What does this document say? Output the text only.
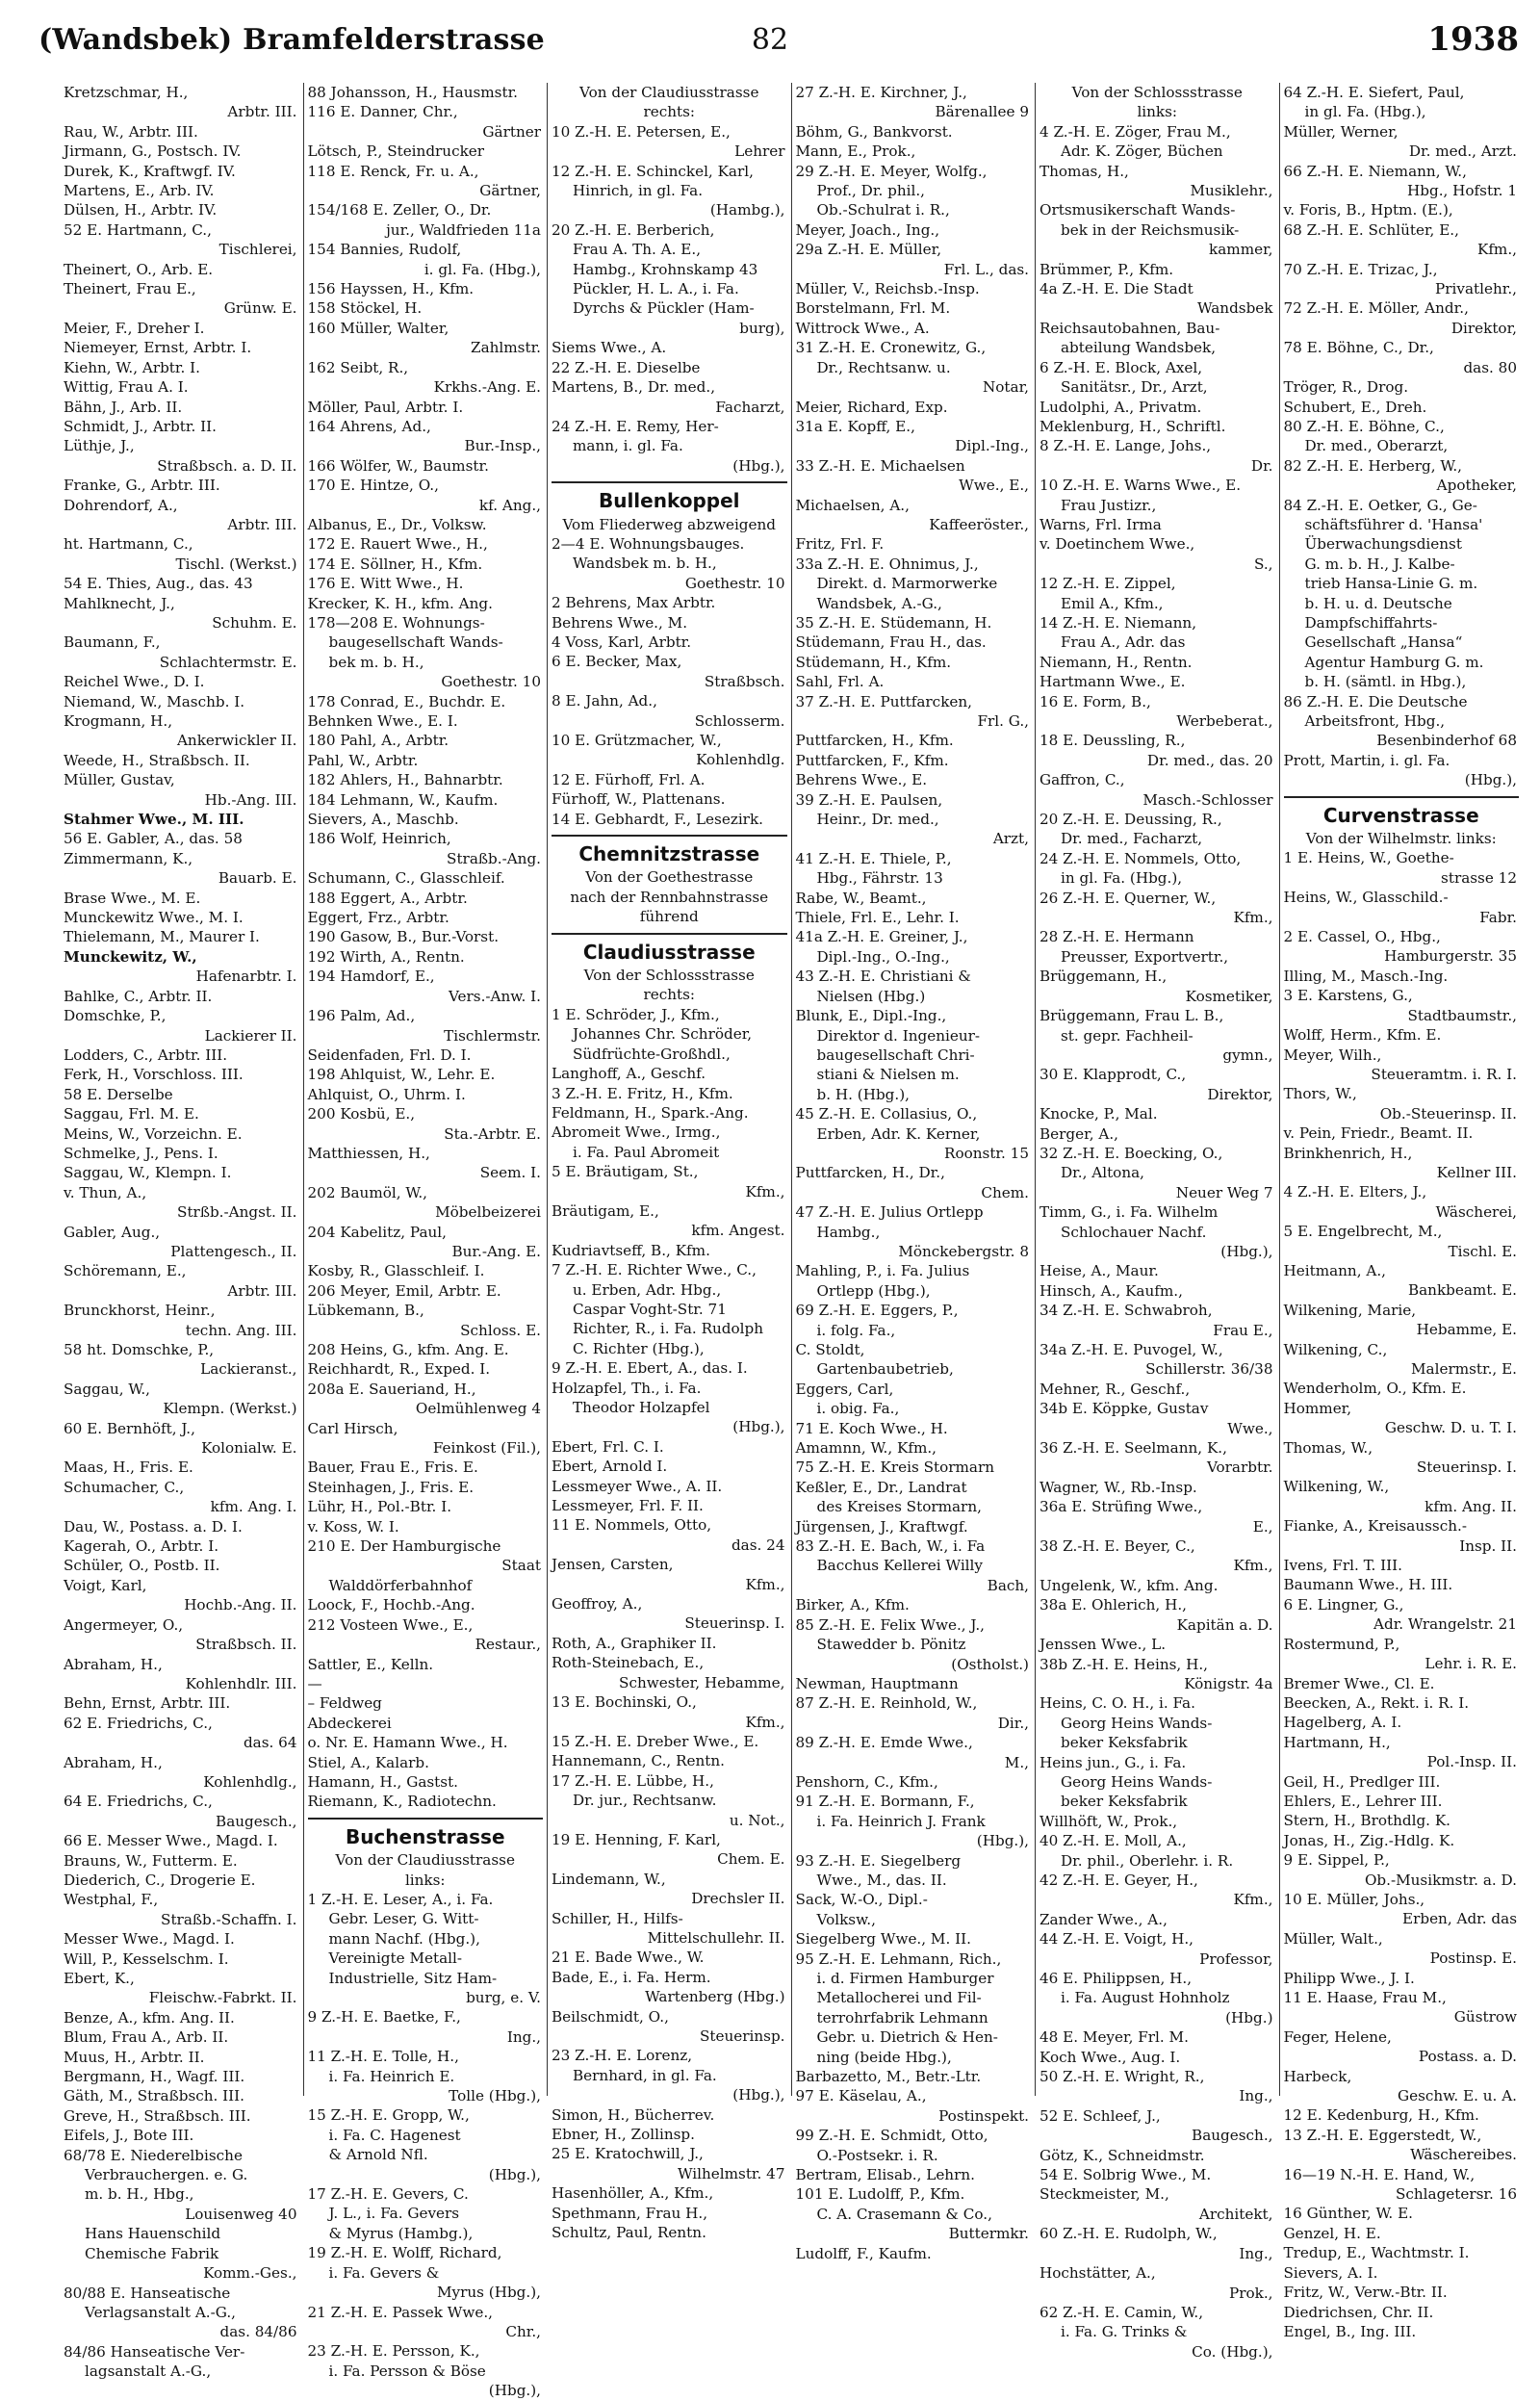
(Wandsbek) Bramfelderstrasse	82	1938
Kretzschmar, H.,
Arbtr. III.
Rau, W., Arbtr. III.
Jirmann, G., Postsch. IV.
Durek, K., Kraftwgf. IV.
Martens, E., Arb. IV.
Dülsen, H., Arbtr. IV.
52 E. Hartmann, C.,
Tischlerei,
Theinert, O., Arb. E.
Theinert, Frau E.,
Grünw. E.
Meier, F., Dreher I.
Niemeyer, Ernst, Arbtr. I.
Kiehn, W., Arbtr. I.
Wittig, Frau A. I.
Bähn, J., Arb. II.
Schmidt, J., Arbtr. II.
Lüthje, J.,
Straßbsch. a. D. II.
Franke, G., Arbtr. III.
Dohrendorf, A.,
Arbtr. III.
ht. Hartmann, C.,
Tischl. (Werkst.)
54 E. Thies, Aug., das. 43
Mahlknecht, J.,
Schuhm. E.
Baumann, F.,
Schlachtermstr. E.
Reichel Wwe., D. I.
Niemand, W., Maschb. I.
Krogmann, H.,
Ankerwickler II.
Weede, H., Straßbsch. II.
Müller, Gustav,
Hb.-Ang. III.
Stahmer Wwe., M. III.
56 E. Gabler, A., das. 58
Zimmermann, K.,
Bauarb. E.
Brase Wwe., M. E.
Munckewitz Wwe., M. I.
Thielemann, M., Maurer I.
Munckewitz, W.,
Hafenarbtr. I.
Bahlke, C., Arbtr. II.
Domschke, P.,
Lackierer II.
Lodders, C., Arbtr. III.
Ferk, H., Vorschloss. III.
58 E. Derselbe
Saggau, Frl. M. E.
Meins, W., Vorzeichn. E.
Schmelke, J., Pens. I.
Saggau, W., Klempn. I.
v. Thun, A.,
Strßb.-Angst. II.
Gabler, Aug.,
Plattengesch., II.
Schöremann, E.,
Arbtr. III.
Brunckhorst, Heinr.,
techn. Ang. III.
58 ht. Domschke, P.,
Lackieranst.,
Saggau, W.,
Klempn. (Werkst.)
60 E. Bernhöft, J.,
Kolonialw. E.
Maas, H., Fris. E.
Schumacher, C.,
kfm. Ang. I.
Dau, W., Postass. a. D. I.
Kagerah, O., Arbtr. I.
Schüler, O., Postb. II.
Voigt, Karl,
Hochb.-Ang. II.
Angermeyer, O.,
Straßbsch. II.
Abraham, H.,
Kohlenhdlr. III.
Behn, Ernst, Arbtr. III.
62 E. Friedrichs, C.,
das. 64
Abraham, H.,
Kohlenhdlg.,
64 E. Friedrichs, C.,
Baugesch.,
66 E. Messer Wwe., Magd. I.
Brauns, W., Futterm. E.
Diederich, C., Drogerie E.
Westphal, F.,
Straßb.-Schaffn. I.
Messer Wwe., Magd. I.
Will, P., Kesselschm. I.
Ebert, K.,
Fleischw.-Fabrkt. II.
Benze, A., kfm. Ang. II.
Blum, Frau A., Arb. II.
Muus, H., Arbtr. II.
Bergmann, H., Wagf. III.
Gäth, M., Straßbsch. III.
Greve, H., Straßbsch. III.
Eifels, J., Bote III.
68/78 E. Niederelbische
Verbrauchergen. e. G.
m. b. H., Hbg.,
Louisenweg 40
Hans Hauenschild
Chemische Fabrik
Komm.-Ges.,
80/88 E. Hanseatische
Verlagsanstalt A.-G.,
das. 84/86
84/86 Hanseatische Ver-
lagsanstalt A.-G.,
88 Johansson, H., Hausmstr.
116 E. Danner, Chr.,
Gärtner
Lötsch, P., Steindrucker
118 E. Renck, Fr. u. A.,
Gärtner,
154/168 E. Zeller, O., Dr.
jur., Waldfrieden 11a
154 Bannies, Rudolf,
i. gl. Fa. (Hbg.),
156 Hayssen, H., Kfm.
158 Stöckel, H.
160 Müller, Walter,
Zahlmstr.
162 Seibt, R.,
Krkhs.-Ang. E.
Möller, Paul, Arbtr. I.
164 Ahrens, Ad.,
Bur.-Insp.,
166 Wölfer, W., Baumstr.
170 E. Hintze, O.,
kf. Ang.,
Albanus, E., Dr., Volksw.
172 E. Rauert Wwe., H.,
174 E. Söllner, H., Kfm.
176 E. Witt Wwe., H.
Krecker, K. H., kfm. Ang.
178—208 E. Wohnungs-
baugesellschaft Wands-
bek m. b. H.,
Goethestr. 10
178 Conrad, E., Buchdr. E.
Behnken Wwe., E. I.
180 Pahl, A., Arbtr.
Pahl, W., Arbtr.
182 Ahlers, H., Bahnarbtr.
184 Lehmann, W., Kaufm.
Sievers, A., Maschb.
186 Wolf, Heinrich,
Straßb.-Ang.
Schumann, C., Glasschleif.
188 Eggert, A., Arbtr.
Eggert, Frz., Arbtr.
190 Gasow, B., Bur.-Vorst.
192 Wirth, A., Rentn.
194 Hamdorf, E.,
Vers.-Anw. I.
196 Palm, Ad.,
Tischlermstr.
Seidenfaden, Frl. D. I.
198 Ahlquist, W., Lehr. E.
Ahlquist, O., Uhrm. I.
200 Kosbü, E.,
Sta.-Arbtr. E.
Matthiessen, H.,
Seem. I.
202 Baumöl, W.,
Möbelbeizerei
204 Kabelitz, Paul,
Bur.-Ang. E.
Kosby, R., Glasschleif. I.
206 Meyer, Emil, Arbtr. E.
Lübkemann, B.,
Schloss. E.
208 Heins, G., kfm. Ang. E.
Reichhardt, R., Exped. I.
208a E. Saueriand, H.,
Oelmühlenweg 4
Carl Hirsch,
Feinkost (Fil.),
Bauer, Frau E., Fris. E.
Steinhagen, J., Fris. E.
Lühr, H., Pol.-Btr. I.
v. Koss, W. I.
210 E. Der Hamburgische
Staat
Walddörferbahnhof
Loock, F., Hochb.-Ang.
212 Vosteen Wwe., E.,
Restaur.,
Sattler, E., Kelln.
—
– Feldweg
Abdeckerei
o. Nr. E. Hamann Wwe., H.
Stiel, A., Kalarb.
Hamann, H., Gastst.
Riemann, K., Radiotechn.
Buchenstrasse
Von der Claudiusstrasse
links:
1 Z.-H. E. Leser, A., i. Fa.
Gebr. Leser, G. Witt-
mann Nachf. (Hbg.),
Vereinigte Metall-
Industrielle, Sitz Ham-
burg, e. V.
9 Z.-H. E. Baetke, F.,
Ing.,
11 Z.-H. E. Tolle, H.,
i. Fa. Heinrich E.
Tolle (Hbg.),
15 Z.-H. E. Gropp, W.,
i. Fa. C. Hagenest
& Arnold Nfl.
(Hbg.),
17 Z.-H. E. Gevers, C.
J. L., i. Fa. Gevers
& Myrus (Hambg.),
19 Z.-H. E. Wolff, Richard,
i. Fa. Gevers &
Myrus (Hbg.),
21 Z.-H. E. Passek Wwe.,
Chr.,
23 Z.-H. E. Persson, K.,
i. Fa. Persson & Böse
(Hbg.),
Von der Claudiusstrasse
rechts:
10 Z.-H. E. Petersen, E.,
Lehrer
12 Z.-H. E. Schinckel, Karl,
Hinrich, in gl. Fa.
(Hambg.),
20 Z.-H. E. Berberich,
Frau A. Th. A. E.,
Hambg., Krohnskamp 43
Pückler, H. L. A., i. Fa.
Dyrchs & Pückler (Ham-
burg),
Siems Wwe., A.
22 Z.-H. E. Dieselbe
Martens, B., Dr. med.,
Facharzt,
24 Z.-H. E. Remy, Her-
mann, i. gl. Fa.
(Hbg.),
Bullenkoppel
Vom Fliederweg abzweigend
2—4 E. Wohnungsbauges.
Wandsbek m. b. H.,
Goethestr. 10
2 Behrens, Max Arbtr.
Behrens Wwe., M.
4 Voss, Karl, Arbtr.
6 E. Becker, Max,
Straßbsch.
8 E. Jahn, Ad.,
Schlosserm.
10 E. Grützmacher, W.,
Kohlenhdlg.
12 E. Fürhoff, Frl. A.
Fürhoff, W., Plattenans.
14 E. Gebhardt, F., Lesezirk.
Chemnitzstrasse
Von der Goethestrasse
nach der Rennbahnstrasse
führend
Claudiusstrasse
Von der Schlossstrasse
rechts:
1 E. Schröder, J., Kfm.,
Johannes Chr. Schröder,
Südfrüchte-Großhdl.,
Langhoff, A., Geschf.
3 Z.-H. E. Fritz, H., Kfm.
Feldmann, H., Spark.-Ang.
Abromeit Wwe., Irmg.,
i. Fa. Paul Abromeit
5 E. Bräutigam, St.,
Kfm.,
Bräutigam, E.,
kfm. Angest.
Kudriavtseff, B., Kfm.
7 Z.-H. E. Richter Wwe., C.,
u. Erben, Adr. Hbg.,
Caspar Voght-Str. 71
Richter, R., i. Fa. Rudolph
C. Richter (Hbg.),
9 Z.-H. E. Ebert, A., das. I.
Holzapfel, Th., i. Fa.
Theodor Holzapfel
(Hbg.),
Ebert, Frl. C. I.
Ebert, Arnold I.
Lessmeyer Wwe., A. II.
Lessmeyer, Frl. F. II.
11 E. Nommels, Otto,
das. 24
Jensen, Carsten,
Kfm.,
Geoffroy, A.,
Steuerinsp. I.
Roth, A., Graphiker II.
Roth-Steinebach, E.,
Schwester, Hebamme,
13 E. Bochinski, O.,
Kfm.,
15 Z.-H. E. Dreber Wwe., E.
Hannemann, C., Rentn.
17 Z.-H. E. Lübbe, H.,
Dr. jur., Rechtsanw.
u. Not.,
19 E. Henning, F. Karl,
Chem. E.
Lindemann, W.,
Drechsler II.
Schiller, H., Hilfs-
Mittelschullehr. II.
21 E. Bade Wwe., W.
Bade, E., i. Fa. Herm.
Wartenberg (Hbg.)
Beilschmidt, O.,
Steuerinsp.
23 Z.-H. E. Lorenz,
Bernhard, in gl. Fa.
(Hbg.),
Simon, H., Bücherrev.
Ebner, H., Zollinsp.
25 E. Kratochwill, J.,
Wilhelmstr. 47
Hasenhöller, A., Kfm.,
Spethmann, Frau H.,
Schultz, Paul, Rentn.
27 Z.-H. E. Kirchner, J.,
Bärenallee 9
Böhm, G., Bankvorst.
Mann, E., Prok.,
29 Z.-H. E. Meyer, Wolfg.,
Prof., Dr. phil.,
Ob.-Schulrat i. R.,
Meyer, Joach., Ing.,
29a Z.-H. E. Müller,
Frl. L., das.
Müller, V., Reichsb.-Insp.
Borstelmann, Frl. M.
Wittrock Wwe., A.
31 Z.-H. E. Cronewitz, G.,
Dr., Rechtsanw. u.
Notar,
Meier, Richard, Exp.
31a E. Kopff, E.,
Dipl.-Ing.,
33 Z.-H. E. Michaelsen
Wwe., E.,
Michaelsen, A.,
Kaffeeröster.,
Fritz, Frl. F.
33a Z.-H. E. Ohnimus, J.,
Direkt. d. Marmorwerke
Wandsbek, A.-G.,
35 Z.-H. E. Stüdemann, H.
Stüdemann, Frau H., das.
Stüdemann, H., Kfm.
Sahl, Frl. A.
37 Z.-H. E. Puttfarcken,
Frl. G.,
Puttfarcken, H., Kfm.
Puttfarcken, F., Kfm.
Behrens Wwe., E.
39 Z.-H. E. Paulsen,
Heinr., Dr. med.,
Arzt,
41 Z.-H. E. Thiele, P.,
Hbg., Fährstr. 13
Rabe, W., Beamt.,
Thiele, Frl. E., Lehr. I.
41a Z.-H. E. Greiner, J.,
Dipl.-Ing., O.-Ing.,
43 Z.-H. E. Christiani &
Nielsen (Hbg.)
Blunk, E., Dipl.-Ing.,
Direktor d. Ingenieur-
baugesellschaft Chri-
stiani & Nielsen m.
b. H. (Hbg.),
45 Z.-H. E. Collasius, O.,
Erben, Adr. K. Kerner,
Roonstr. 15
Puttfarcken, H., Dr.,
Chem.
47 Z.-H. E. Julius Ortlepp
Hambg.,
Mönckebergstr. 8
Mahling, P., i. Fa. Julius
Ortlepp (Hbg.),
69 Z.-H. E. Eggers, P.,
i. folg. Fa.,
C. Stoldt,
Gartenbaubetrieb,
Eggers, Carl,
i. obig. Fa.,
71 E. Koch Wwe., H.
Amamnn, W., Kfm.,
75 Z.-H. E. Kreis Stormarn
Keßler, E., Dr., Landrat
des Kreises Stormarn,
Jürgensen, J., Kraftwgf.
83 Z.-H. E. Bach, W., i. Fa
Bacchus Kellerei Willy
Bach,
Birker, A., Kfm.
85 Z.-H. E. Felix Wwe., J.,
Stawedder b. Pönitz
(Ostholst.)
Newman, Hauptmann
87 Z.-H. E. Reinhold, W.,
Dir.,
89 Z.-H. E. Emde Wwe.,
M.,
Penshorn, C., Kfm.,
91 Z.-H. E. Bormann, F.,
i. Fa. Heinrich J. Frank
(Hbg.),
93 Z.-H. E. Siegelberg
Wwe., M., das. II.
Sack, W.-O., Dipl.-
Volksw.,
Siegelberg Wwe., M. II.
95 Z.-H. E. Lehmann, Rich.,
i. d. Firmen Hamburger
Metallocherei und Fil-
terrohrfabrik Lehmann
Gebr. u. Dietrich & Hen-
ning (beide Hbg.),
Barbazetto, M., Betr.-Ltr.
97 E. Käselau, A.,
Postinspekt.
99 Z.-H. E. Schmidt, Otto,
O.-Postsekr. i. R.
Bertram, Elisab., Lehrn.
101 E. Ludolff, P., Kfm.
C. A. Crasemann & Co.,
Buttermkr.
Ludolff, F., Kaufm.
Von der Schlossstrasse
links:
4 Z.-H. E. Zöger, Frau M.,
Adr. K. Zöger, Büchen
Thomas, H.,
Musiklehr.,
Ortsmusikerschaft Wands-
bek in der Reichsmusik-
kammer,
Brümmer, P., Kfm.
4a Z.-H. E. Die Stadt
Wandsbek
Reichsautobahnen, Bau-
abteilung Wandsbek,
6 Z.-H. E. Block, Axel,
Sanitätsr., Dr., Arzt,
Ludolphi, A., Privatm.
Meklenburg, H., Schriftl.
8 Z.-H. E. Lange, Johs.,
Dr.
10 Z.-H. E. Warns Wwe., E.
Frau Justizr.,
Warns, Frl. Irma
v. Doetinchem Wwe.,
S.,
12 Z.-H. E. Zippel,
Emil A., Kfm.,
14 Z.-H. E. Niemann,
Frau A., Adr. das
Niemann, H., Rentn.
Hartmann Wwe., E.
16 E. Form, B.,
Werbeberat.,
18 E. Deussling, R.,
Dr. med., das. 20
Gaffron, C.,
Masch.-Schlosser
20 Z.-H. E. Deussing, R.,
Dr. med., Facharzt,
24 Z.-H. E. Nommels, Otto,
in gl. Fa. (Hbg.),
26 Z.-H. E. Querner, W.,
Kfm.,
28 Z.-H. E. Hermann
Preusser, Exportvertr.,
Brüggemann, H.,
Kosmetiker,
Brüggemann, Frau L. B.,
st. gepr. Fachheil-
gymn.,
30 E. Klapprodt, C.,
Direktor,
Knocke, P., Mal.
Berger, A.,
32 Z.-H. E. Boecking, O.,
Dr., Altona,
Neuer Weg 7
Timm, G., i. Fa. Wilhelm
Schlochauer Nachf.
(Hbg.),
Heise, A., Maur.
Hinsch, A., Kaufm.,
34 Z.-H. E. Schwabroh,
Frau E.,
34a Z.-H. E. Puvogel, W.,
Schillerstr. 36/38
Mehner, R., Geschf.,
34b E. Köppke, Gustav
Wwe.,
36 Z.-H. E. Seelmann, K.,
Vorarbtr.
Wagner, W., Rb.-Insp.
36a E. Strüfing Wwe.,
E.,
38 Z.-H. E. Beyer, C.,
Kfm.,
Ungelenk, W., kfm. Ang.
38a E. Ohlerich, H.,
Kapitän a. D.
Jenssen Wwe., L.
38b Z.-H. E. Heins, H.,
Königstr. 4a
Heins, C. O. H., i. Fa.
Georg Heins Wands-
beker Keksfabrik
Heins jun., G., i. Fa.
Georg Heins Wands-
beker Keksfabrik
Willhöft, W., Prok.,
40 Z.-H. E. Moll, A.,
Dr. phil., Oberlehr. i. R.
42 Z.-H. E. Geyer, H.,
Kfm.,
Zander Wwe., A.,
44 Z.-H. E. Voigt, H.,
Professor,
46 E. Philippsen, H.,
i. Fa. August Hohnholz
(Hbg.)
48 E. Meyer, Frl. M.
Koch Wwe., Aug. I.
50 Z.-H. E. Wright, R.,
Ing.,
52 E. Schleef, J.,
Baugesch.,
Götz, K., Schneidmstr.
54 E. Solbrig Wwe., M.
Steckmeister, M.,
Architekt,
60 Z.-H. E. Rudolph, W.,
Ing.,
Hochstätter, A.,
Prok.,
62 Z.-H. E. Camin, W.,
i. Fa. G. Trinks &
Co. (Hbg.),
64 Z.-H. E. Siefert, Paul,
in gl. Fa. (Hbg.),
Müller, Werner,
Dr. med., Arzt.
66 Z.-H. E. Niemann, W.,
Hbg., Hofstr. 1
v. Foris, B., Hptm. (E.),
68 Z.-H. E. Schlüter, E.,
Kfm.,
70 Z.-H. E. Trizac, J.,
Privatlehr.,
72 Z.-H. E. Möller, Andr.,
Direktor,
78 E. Böhne, C., Dr.,
das. 80
Tröger, R., Drog.
Schubert, E., Dreh.
80 Z.-H. E. Böhne, C.,
Dr. med., Oberarzt,
82 Z.-H. E. Herberg, W.,
Apotheker,
84 Z.-H. E. Oetker, G., Ge-
schäftsführer d. 'Hansa'
Überwachungsdienst
G. m. b. H., J. Kalbe-
trieb Hansa-Linie G. m.
b. H. u. d. Deutsche
Dampfschiffahrts-
Gesellschaft „Hansa“
Agentur Hamburg G. m.
b. H. (sämtl. in Hbg.),
86 Z.-H. E. Die Deutsche
Arbeitsfront, Hbg.,
Besenbinderhof 68
Prott, Martin, i. gl. Fa.
(Hbg.),
Curvenstrasse
Von der Wilhelmstr. links:
1 E. Heins, W., Goethe-
strasse 12
Heins, W., Glasschild.-
Fabr.
2 E. Cassel, O., Hbg.,
Hamburgerstr. 35
Illing, M., Masch.-Ing.
3 E. Karstens, G.,
Stadtbaumstr.,
Wolff, Herm., Kfm. E.
Meyer, Wilh.,
Steueramtm. i. R. I.
Thors, W.,
Ob.-Steuerinsp. II.
v. Pein, Friedr., Beamt. II.
Brinkhenrich, H.,
Kellner III.
4 Z.-H. E. Elters, J.,
Wäscherei,
5 E. Engelbrecht, M.,
Tischl. E.
Heitmann, A.,
Bankbeamt. E.
Wilkening, Marie,
Hebamme, E.
Wilkening, C.,
Malermstr., E.
Wenderholm, O., Kfm. E.
Hommer,
Geschw. D. u. T. I.
Thomas, W.,
Steuerinsp. I.
Wilkening, W.,
kfm. Ang. II.
Fianke, A., Kreisaussch.-
Insp. II.
Ivens, Frl. T. III.
Baumann Wwe., H. III.
6 E. Lingner, G.,
Adr. Wrangelstr. 21
Rostermund, P.,
Lehr. i. R. E.
Bremer Wwe., Cl. E.
Beecken, A., Rekt. i. R. I.
Hagelberg, A. I.
Hartmann, H.,
Pol.-Insp. II.
Geil, H., Predlger III.
Ehlers, E., Lehrer III.
Stern, H., Brothdlg. K.
Jonas, H., Zig.-Hdlg. K.
9 E. Sippel, P.,
Ob.-Musikmstr. a. D.
10 E. Müller, Johs.,
Erben, Adr. das
Müller, Walt.,
Postinsp. E.
Philipp Wwe., J. I.
11 E. Haase, Frau M.,
Güstrow
Feger, Helene,
Postass. a. D.
Harbeck,
Geschw. E. u. A.
12 E. Kedenburg, H., Kfm.
13 Z.-H. E. Eggerstedt, W.,
Wäschereibes.
16—19 N.-H. E. Hand, W.,
Schlagetersr. 16
16 Günther, W. E.
Genzel, H. E.
Tredup, E., Wachtmstr. I.
Sievers, A. I.
Fritz, W., Verw.-Btr. II.
Diedrichsen, Chr. II.
Engel, B., Ing. III.
